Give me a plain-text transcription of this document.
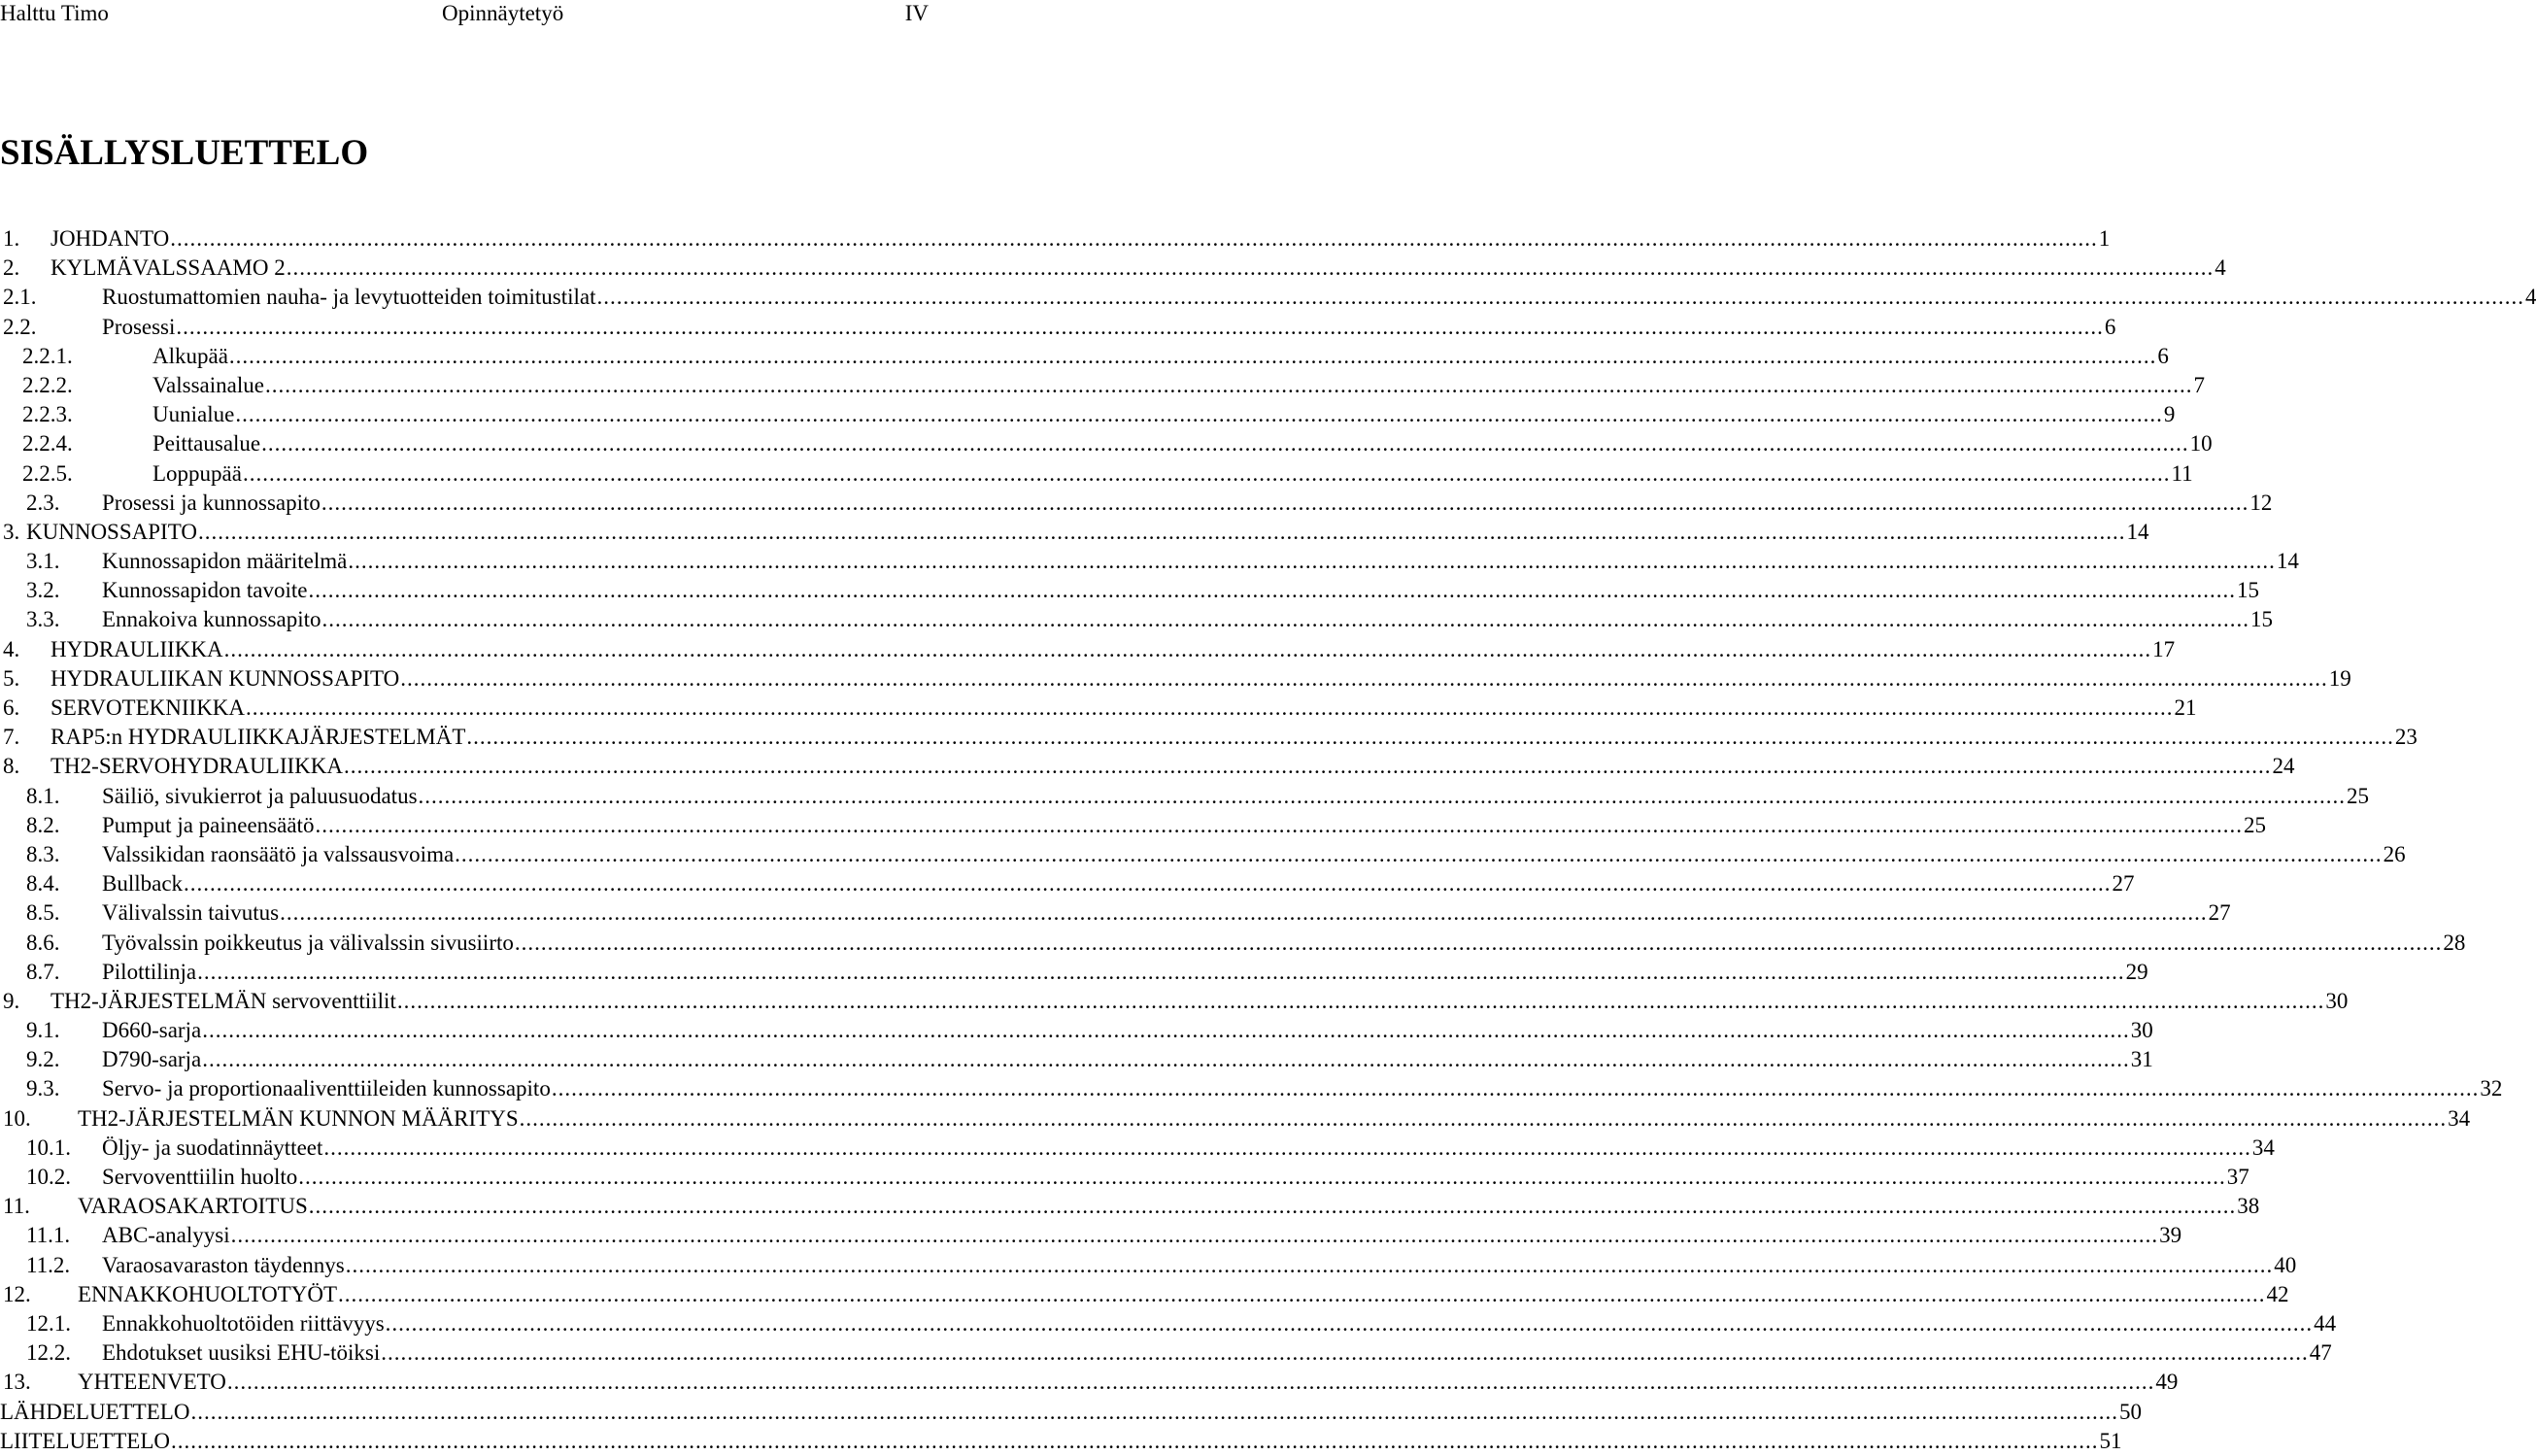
Halttu Timo	Opinnäytetyö	IV
SISÄLLYSLUETTELO
1. JOHDANTO .....	1
2. KYLMÄVALSSAAMO 2 .....	4
2.1.	Ruostumattomien nauha- ja levytuotteiden toimitustilat .....	4
2.2.	Prosessi .....	6
2.2.1.	Alkupää .....	6
2.2.2.	Valssainalue .....	7
2.2.3.	Uunialue .....	9
2.2.4.	Peittausalue .....	10
2.2.5.	Loppupää .....	11
2.3. Prosessi ja kunnossapito .....	12
3. KUNNOSSAPITO .....	14
3.1. Kunnossapidon määritelmä .....	14
3.2. Kunnossapidon tavoite .....	15
3.3. Ennakoiva kunnossapito .....	15
4. HYDRAULIIKKA .....	17
5. HYDRAULIIKAN KUNNOSSAPITO .....	19
6. SERVOTEKNIIKKA .....	21
7. RAP5:n HYDRAULIIKKAJÄRJESTELMÄT .....	23
8. TH2-SERVOHYDRAULIIKKA .....	24
8.1. Säiliö, sivukierrot ja paluusuodatus .....	25
8.2. Pumput ja paineensäätö .....	25
8.3. Valssikidan raonsäätö ja valssausvoima .....	26
8.4. Bullback .....	27
8.5. Välivalssin taivutus .....	27
8.6. Työvalssin poikkeutus ja välivalssin sivusiirto .....	28
8.7. Pilottilinja .....	29
9. TH2-JÄRJESTELMÄN servoventtiilit .....	30
9.1. D660-sarja .....	30
9.2. D790-sarja .....	31
9.3. Servo- ja proportionaaliventtiileiden kunnossapito .....	32
10. TH2-JÄRJESTELMÄN KUNNON MÄÄRITYS .....	34
10.1. Öljy- ja suodatinnäytteet .....	34
10.2. Servoventtiilin huolto .....	37
11. VARAOSAKARTOITUS .....	38
11.1. ABC-analyysi .....	39
11.2. Varaosavaraston täydennys .....	40
12. ENNAKKOHUOLTOTYÖT .....	42
12.1. Ennakkohuoltotöiden riittävyys .....	44
12.2. Ehdotukset uusiksi EHU-töiksi .....	47
13. YHTEENVETO .....	49
LÄHDELUETTELO .....	50
LIITELUETTELO .....	51
